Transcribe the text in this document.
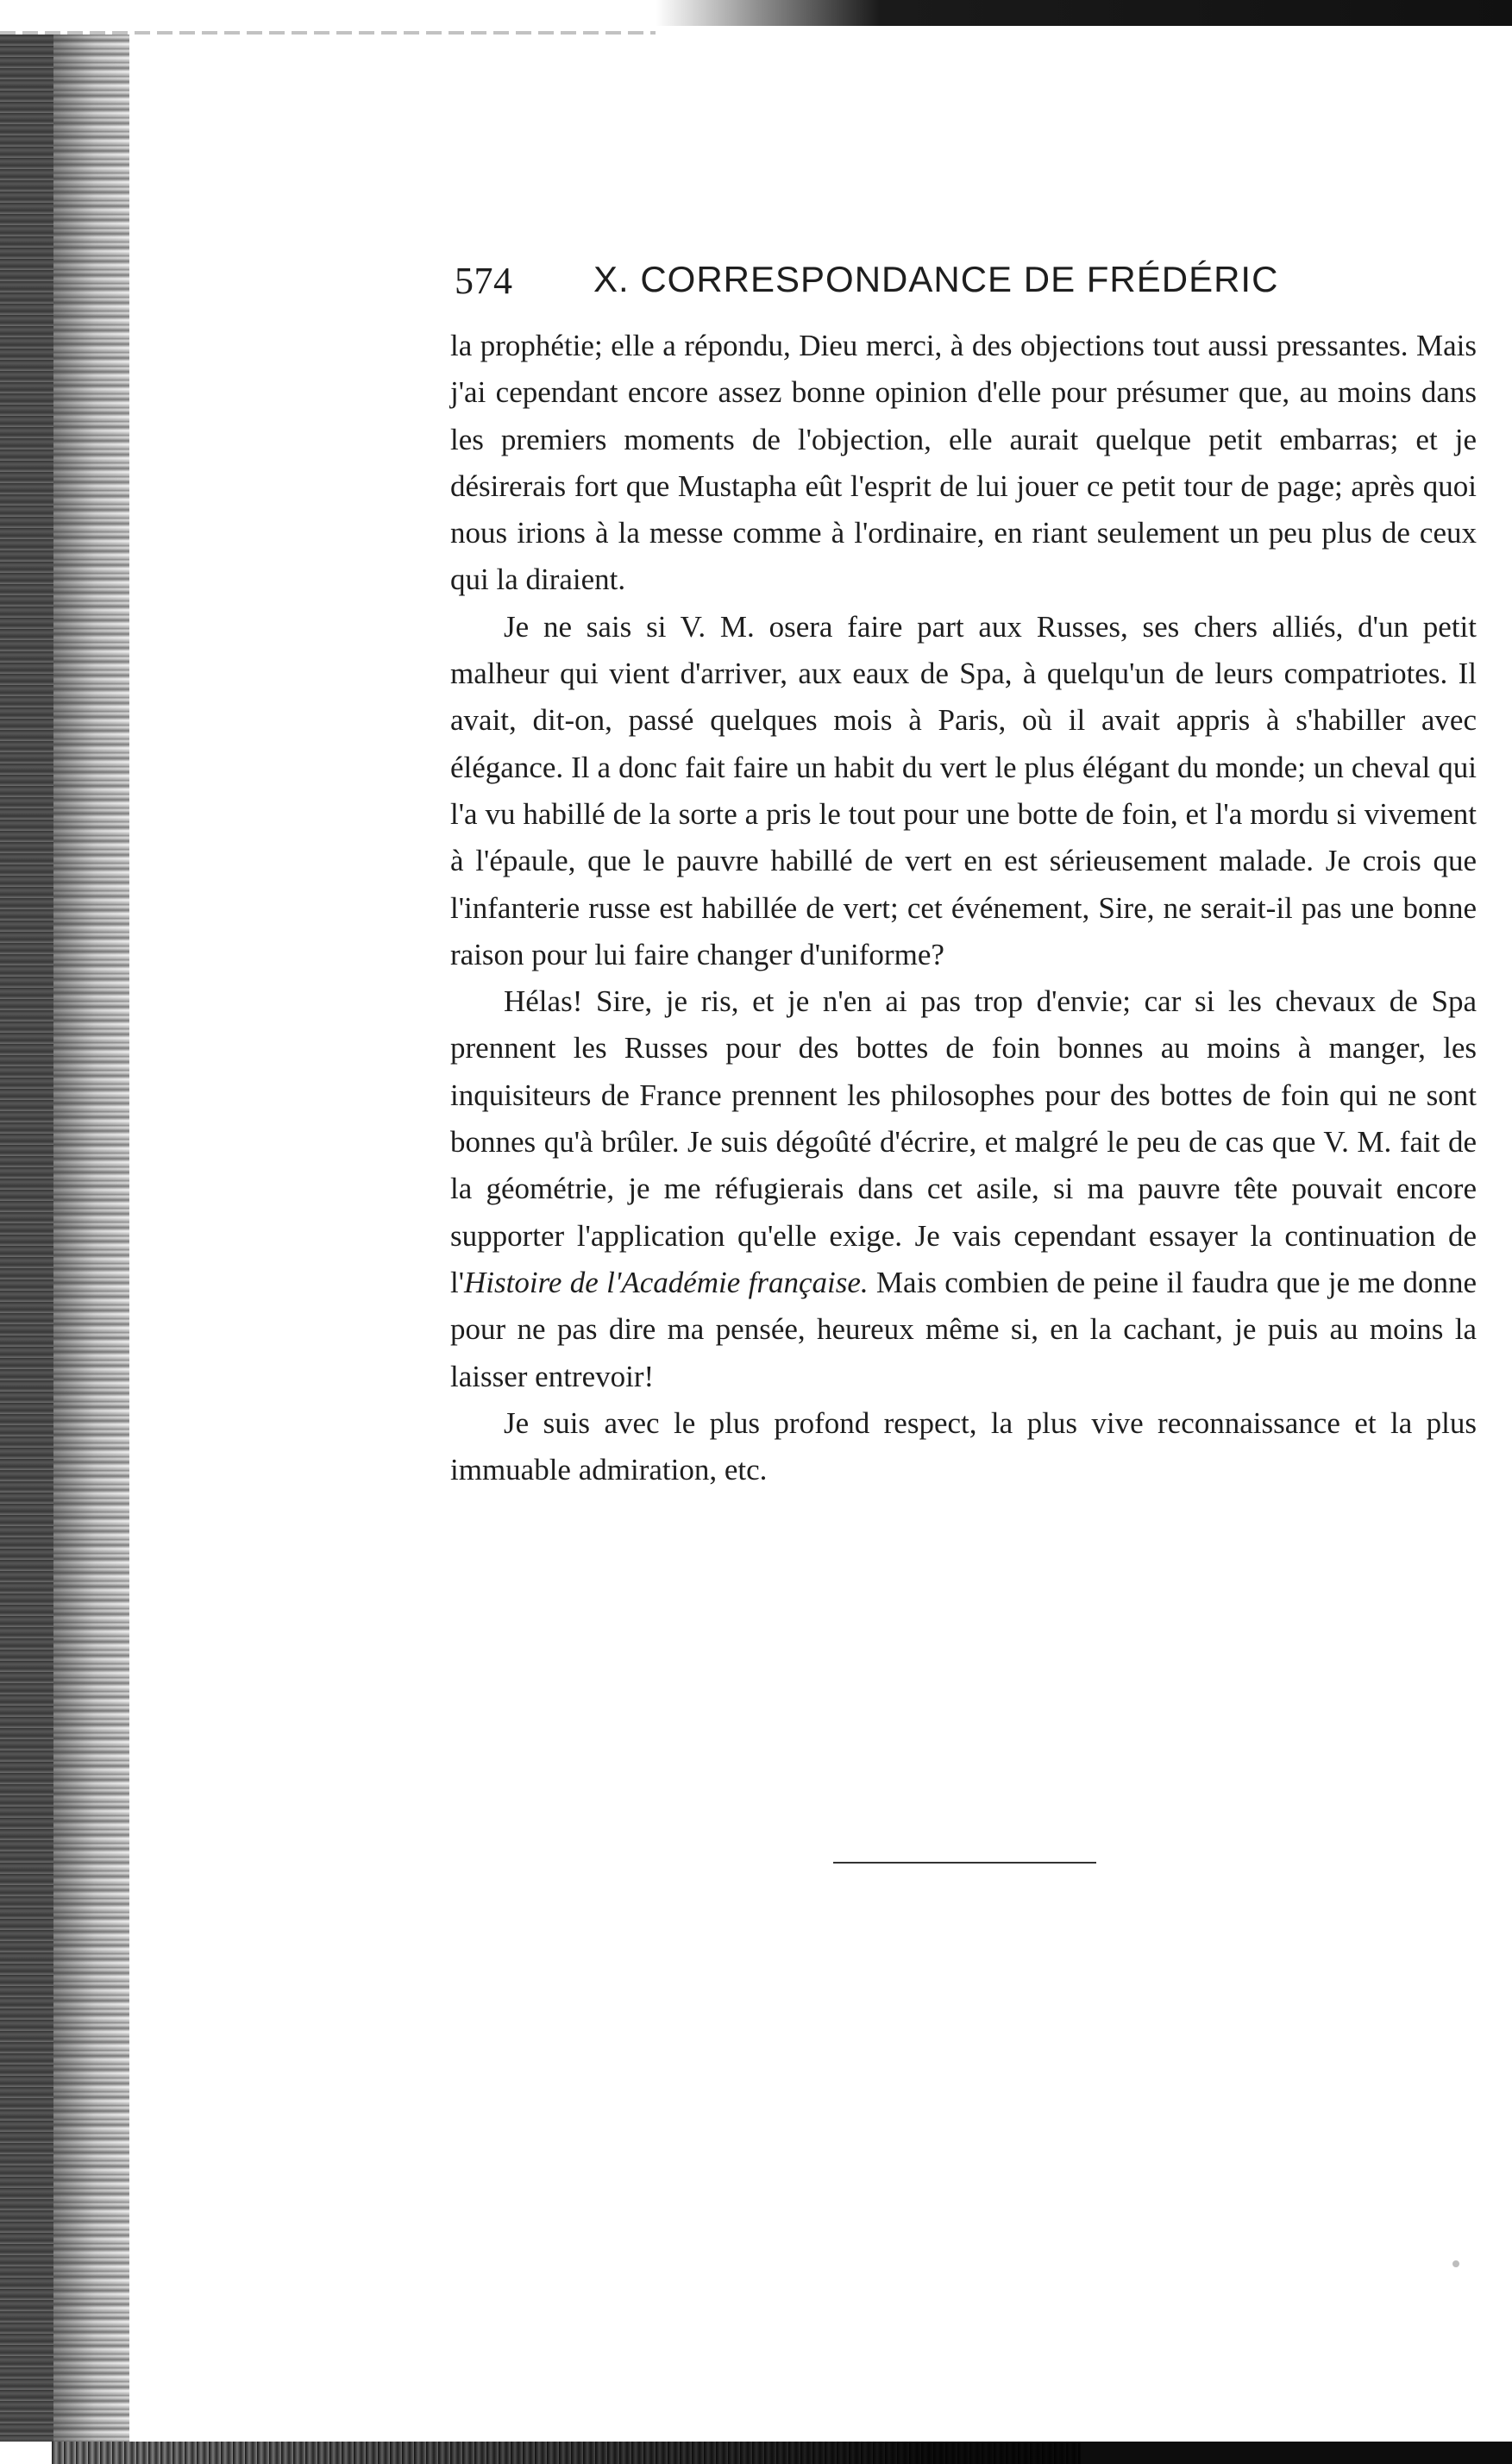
574 X. CORRESPONDANCE DE FRÉDÉRIC

la prophétie; elle a répondu, Dieu merci, à des objections tout aussi pressantes. Mais j'ai cependant encore assez bonne opinion d'elle pour présumer que, au moins dans les premiers moments de l'objection, elle aurait quelque petit embarras; et je désirerais fort que Mustapha eût l'esprit de lui jouer ce petit tour de page; après quoi nous irions à la messe comme à l'ordinaire, en riant seulement un peu plus de ceux qui la diraient.

Je ne sais si V. M. osera faire part aux Russes, ses chers alliés, d'un petit malheur qui vient d'arriver, aux eaux de Spa, à quelqu'un de leurs compatriotes. Il avait, dit-on, passé quelques mois à Paris, où il avait appris à s'habiller avec élégance. Il a donc fait faire un habit du vert le plus élégant du monde; un cheval qui l'a vu habillé de la sorte a pris le tout pour une botte de foin, et l'a mordu si vivement à l'épaule, que le pauvre habillé de vert en est sérieusement malade. Je crois que l'infanterie russe est habillée de vert; cet événement, Sire, ne serait-il pas une bonne raison pour lui faire changer d'uniforme?

Hélas! Sire, je ris, et je n'en ai pas trop d'envie; car si les chevaux de Spa prennent les Russes pour des bottes de foin bonnes au moins à manger, les inquisiteurs de France prennent les philosophes pour des bottes de foin qui ne sont bonnes qu'à brûler. Je suis dégoûté d'écrire, et malgré le peu de cas que V. M. fait de la géométrie, je me réfugierais dans cet asile, si ma pauvre tête pouvait encore supporter l'application qu'elle exige. Je vais cependant essayer la continuation de l'Histoire de l'Académie française. Mais combien de peine il faudra que je me donne pour ne pas dire ma pensée, heureux même si, en la cachant, je puis au moins la laisser entrevoir!

Je suis avec le plus profond respect, la plus vive reconnaissance et la plus immuable admiration, etc.
